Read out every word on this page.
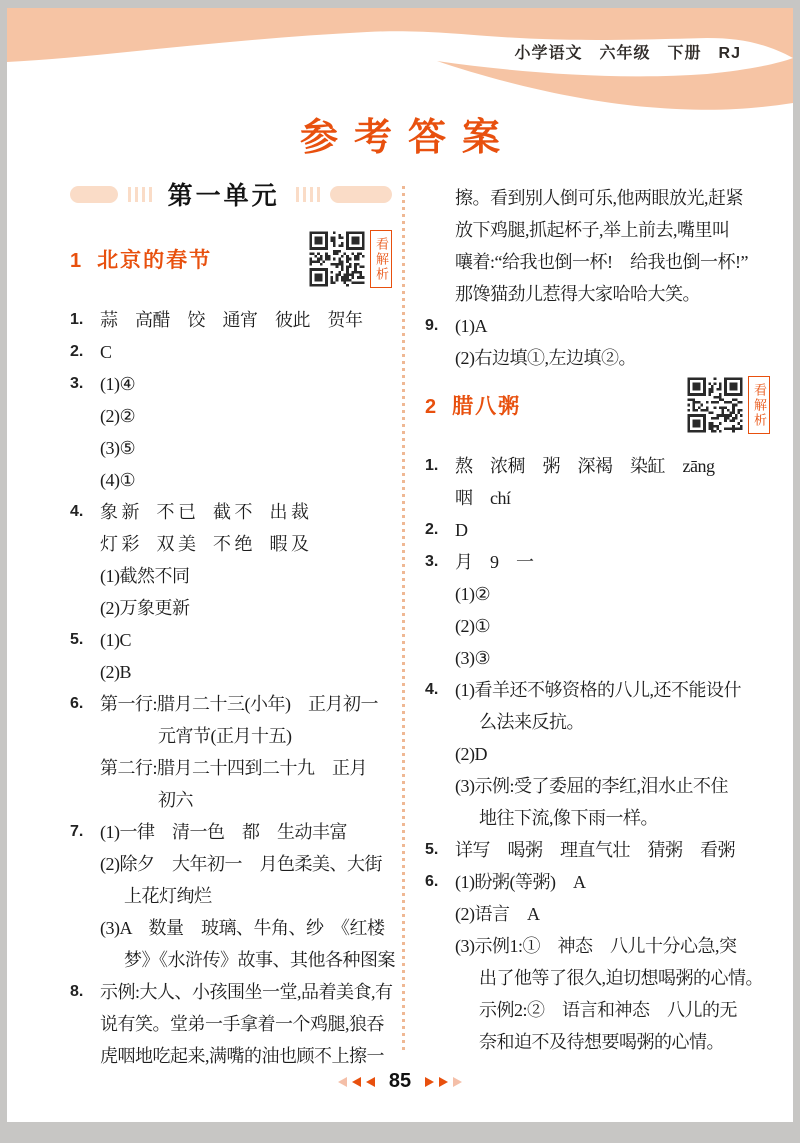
小学语文　六年级　下册　RJ
参考答案
第一单元
1 北京的春节	看解析
1. 蒜　高醋　饺　通宵　彼此　贺年
2. C
3. (1)④
(2)②
(3)⑤
(4)①
4. 象 新　不 已　截 不　出 裁
灯 彩　双 美　不 绝　暇 及
(1)截然不同
(2)万象更新
5. (1)C
(2)B
6. 第一行:腊月二十三(小年)　正月初一
元宵节(正月十五)
第二行:腊月二十四到二十九　正月
初六
7. (1)一律　清一色　都　生动丰富
(2)除夕　大年初一　月色柔美、大街
上花灯绚烂
(3)A　数量　玻璃、牛角、纱　《红楼
梦》《水浒传》故事、其他各种图案
8. 示例:大人、小孩围坐一堂,品着美食,有
说有笑。堂弟一手拿着一个鸡腿,狼吞
虎咽地吃起来,满嘴的油也顾不上擦一
擦。看到别人倒可乐,他两眼放光,赶紧
放下鸡腿,抓起杯子,举上前去,嘴里叫
嚷着:“给我也倒一杯!　给我也倒一杯!”
那馋猫劲儿惹得大家哈哈大笑。
9. (1)A
(2)右边填①,左边填②。
2 腊八粥	看解析
1. 熬　浓稠　粥　深褐　染缸　zāng
咽　chí
2. D
3. 月　9　一
(1)②
(2)①
(3)③
4. (1)看羊还不够资格的八儿,还不能设什
么法来反抗。
(2)D
(3)示例:受了委屈的李红,泪水止不住
地往下流,像下雨一样。
5. 详写　喝粥　理直气壮　猜粥　看粥
6. (1)盼粥(等粥)　A
(2)语言　A
(3)示例1:①　神态　八儿十分心急,突
出了他等了很久,迫切想喝粥的心情。
示例2:②　语言和神态　八儿的无
奈和迫不及待想要喝粥的心情。
85
